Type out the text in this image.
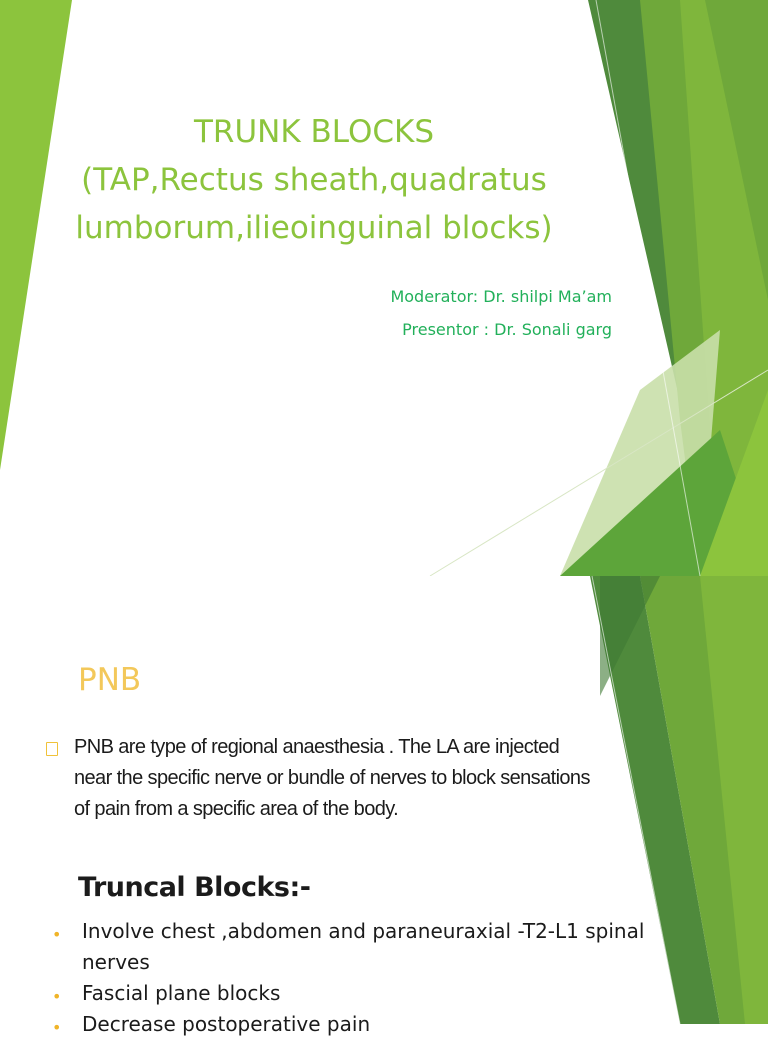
TRUNK BLOCKS
(TAP,Rectus sheath,quadratus
lumborum,ilieoinguinal blocks)
Moderator: Dr. shilpi Ma’am
Presentor : Dr. Sonali garg
PNB
PNB are type of regional anaesthesia . The LA are injected
near the specific nerve or bundle of nerves to block sensations
of pain from a specific area of the body.
Truncal Blocks:-
• Involve chest ,abdomen and paraneuraxial -T2-L1 spinal
nerves
• Fascial plane blocks
• Decrease postoperative pain
